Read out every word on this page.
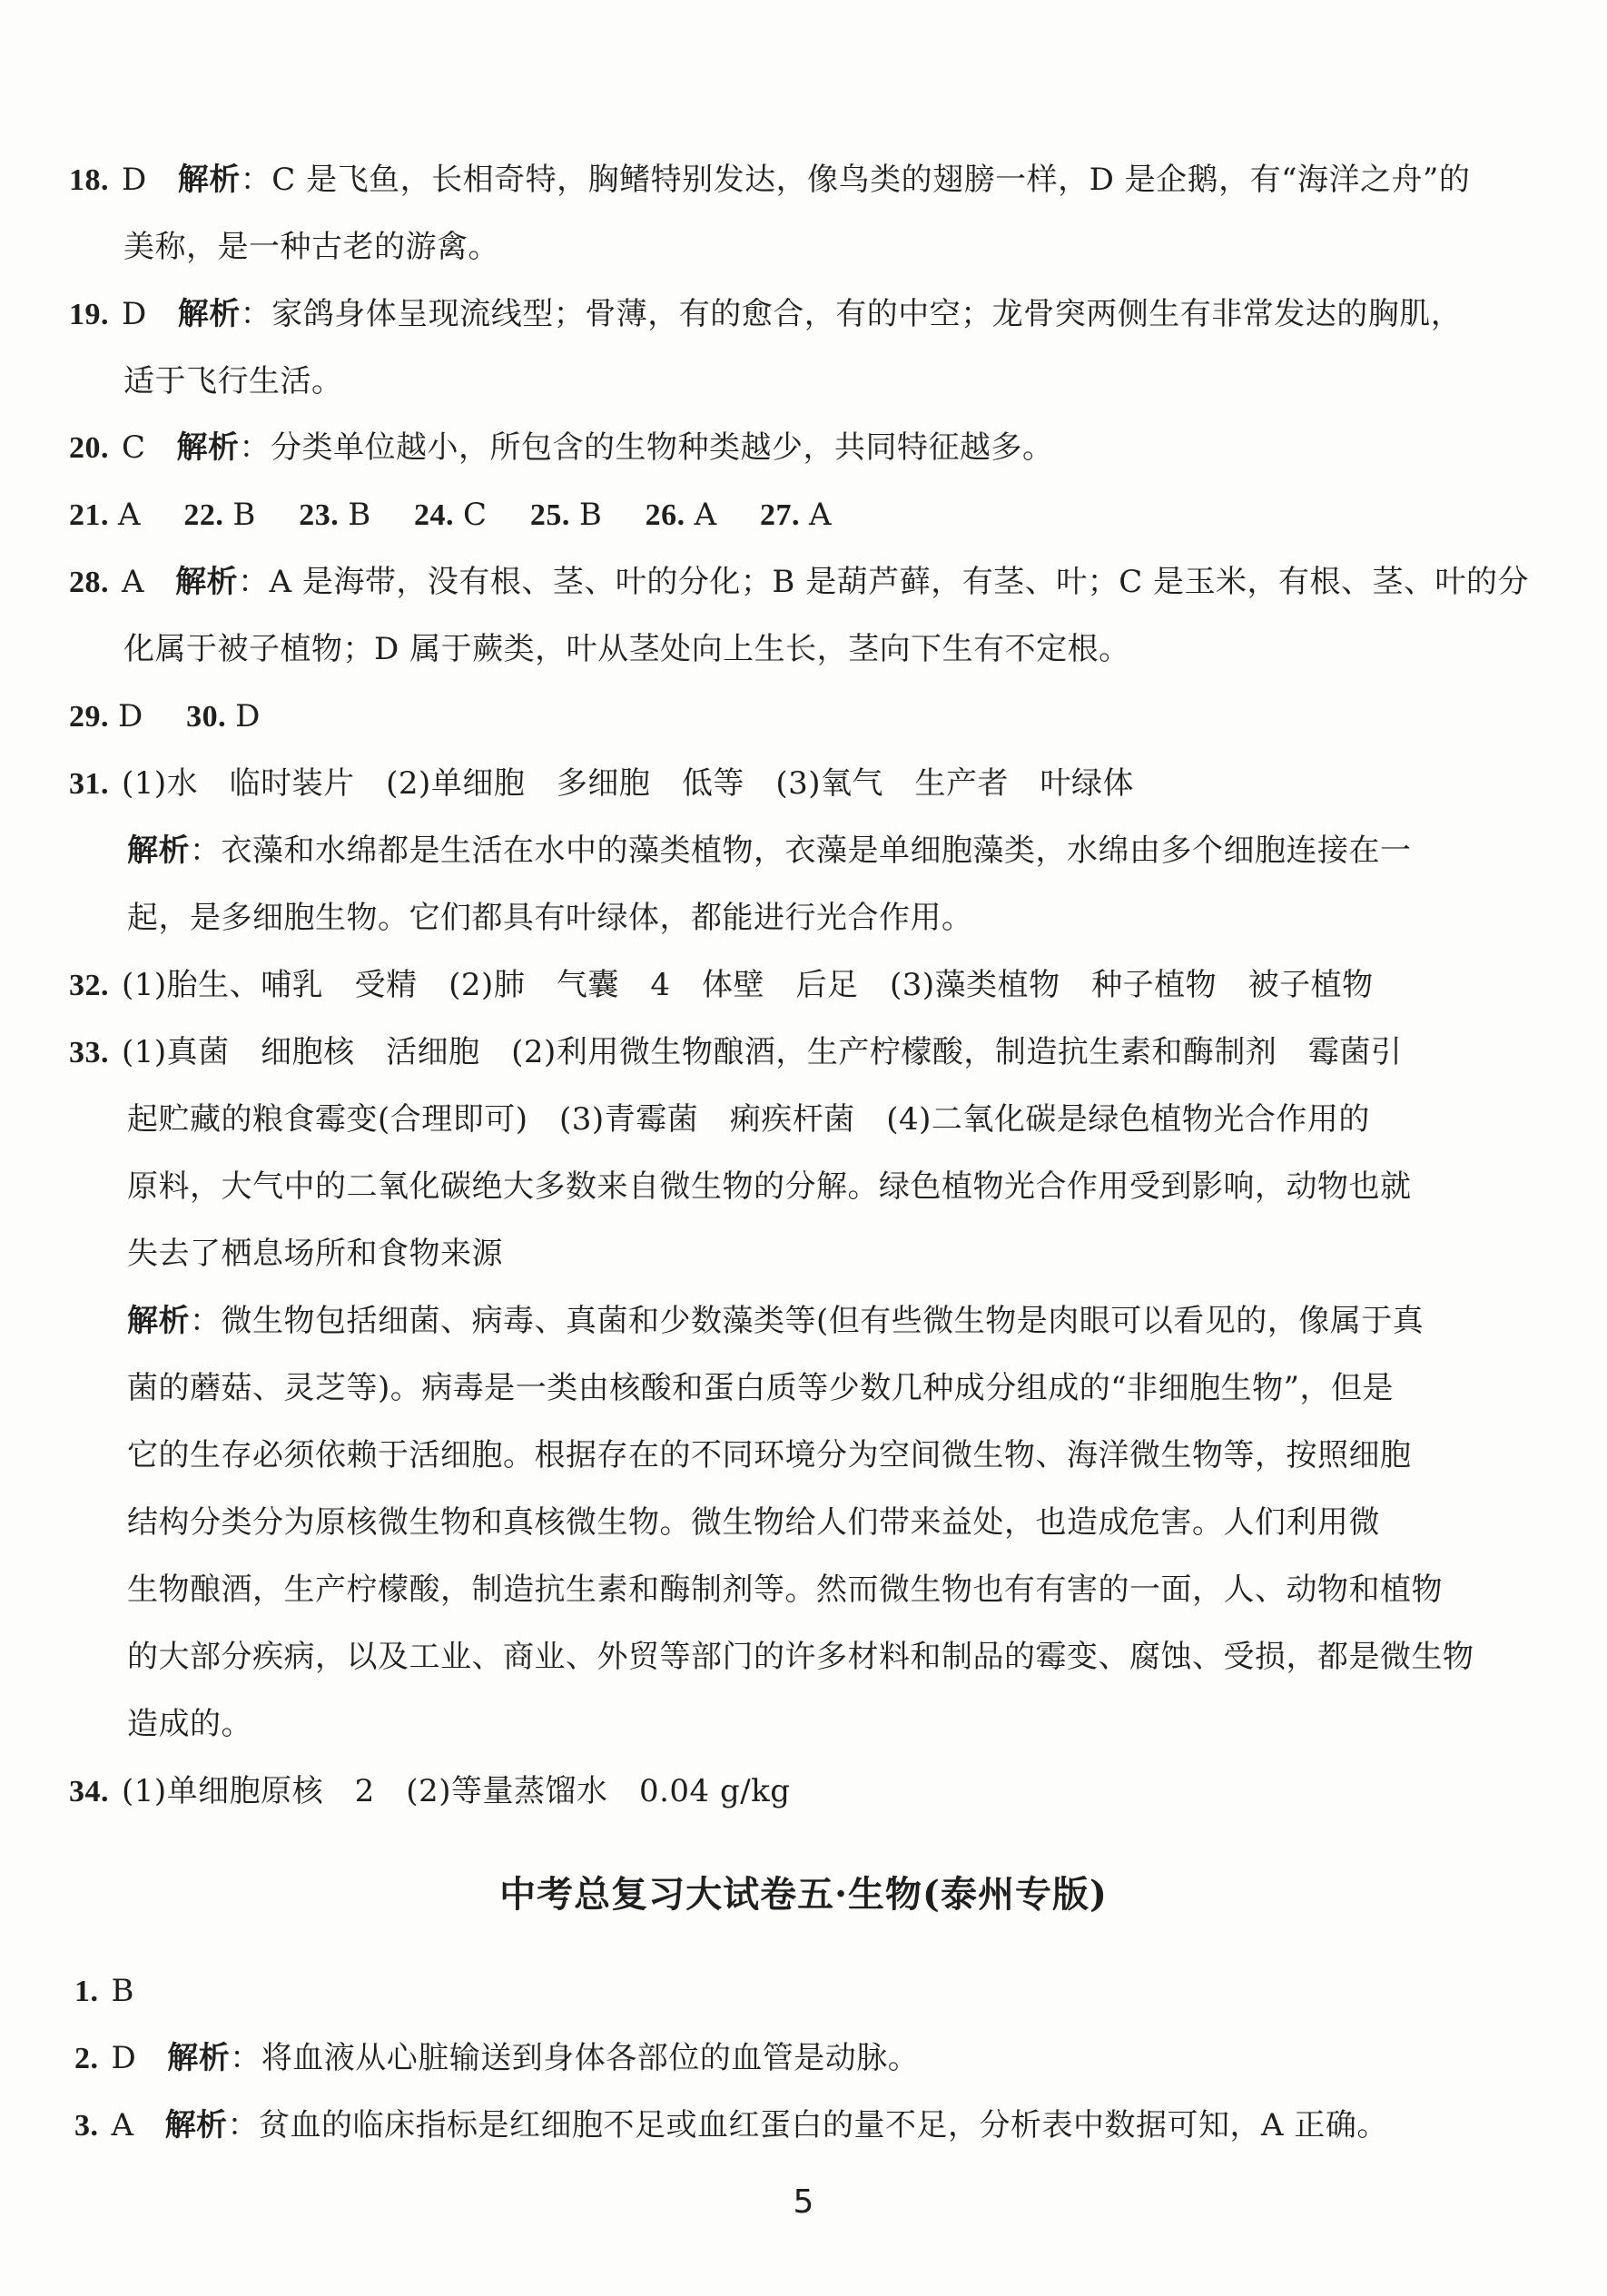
18. D 解析：C 是飞鱼，长相奇特，胸鳍特别发达，像鸟类的翅膀一样，D 是企鹅，有“海洋之舟”的
美称，是一种古老的游禽。
19. D 解析：家鸽身体呈现流线型；骨薄，有的愈合，有的中空；龙骨突两侧生有非常发达的胸肌，
适于飞行生活。
20. C 解析：分类单位越小，所包含的生物种类越少，共同特征越多。
21. A 22. B 23. B 24. C 25. B 26. A 27. A
28. A 解析：A 是海带，没有根、茎、叶的分化；B 是葫芦藓，有茎、叶；C 是玉米，有根、茎、叶的分
化属于被子植物；D 属于蕨类，叶从茎处向上生长，茎向下生有不定根。
29. D 30. D
31. (1)水　临时装片　(2)单细胞　多细胞　低等　(3)氧气　生产者　叶绿体
解析：衣藻和水绵都是生活在水中的藻类植物，衣藻是单细胞藻类，水绵由多个细胞连接在一
起，是多细胞生物。它们都具有叶绿体，都能进行光合作用。
32. (1)胎生、哺乳　受精　(2)肺　气囊　4　体壁　后足　(3)藻类植物　种子植物　被子植物
33. (1)真菌　细胞核　活细胞　(2)利用微生物酿酒，生产柠檬酸，制造抗生素和酶制剂　霉菌引
起贮藏的粮食霉变(合理即可)　(3)青霉菌　痢疾杆菌　(4)二氧化碳是绿色植物光合作用的
原料，大气中的二氧化碳绝大多数来自微生物的分解。绿色植物光合作用受到影响，动物也就
失去了栖息场所和食物来源
解析：微生物包括细菌、病毒、真菌和少数藻类等(但有些微生物是肉眼可以看见的，像属于真
菌的蘑菇、灵芝等)。病毒是一类由核酸和蛋白质等少数几种成分组成的“非细胞生物”，但是
它的生存必须依赖于活细胞。根据存在的不同环境分为空间微生物、海洋微生物等，按照细胞
结构分类分为原核微生物和真核微生物。微生物给人们带来益处，也造成危害。人们利用微
生物酿酒，生产柠檬酸，制造抗生素和酶制剂等。然而微生物也有有害的一面，人、动物和植物
的大部分疾病，以及工业、商业、外贸等部门的许多材料和制品的霉变、腐蚀、受损，都是微生物
造成的。
34. (1)单细胞原核　2　(2)等量蒸馏水　0.04 g/kg
中考总复习大试卷五·生物(泰州专版)
1. B
2. D 解析：将血液从心脏输送到身体各部位的血管是动脉。
3. A 解析：贫血的临床指标是红细胞不足或血红蛋白的量不足，分析表中数据可知，A 正确。
5
